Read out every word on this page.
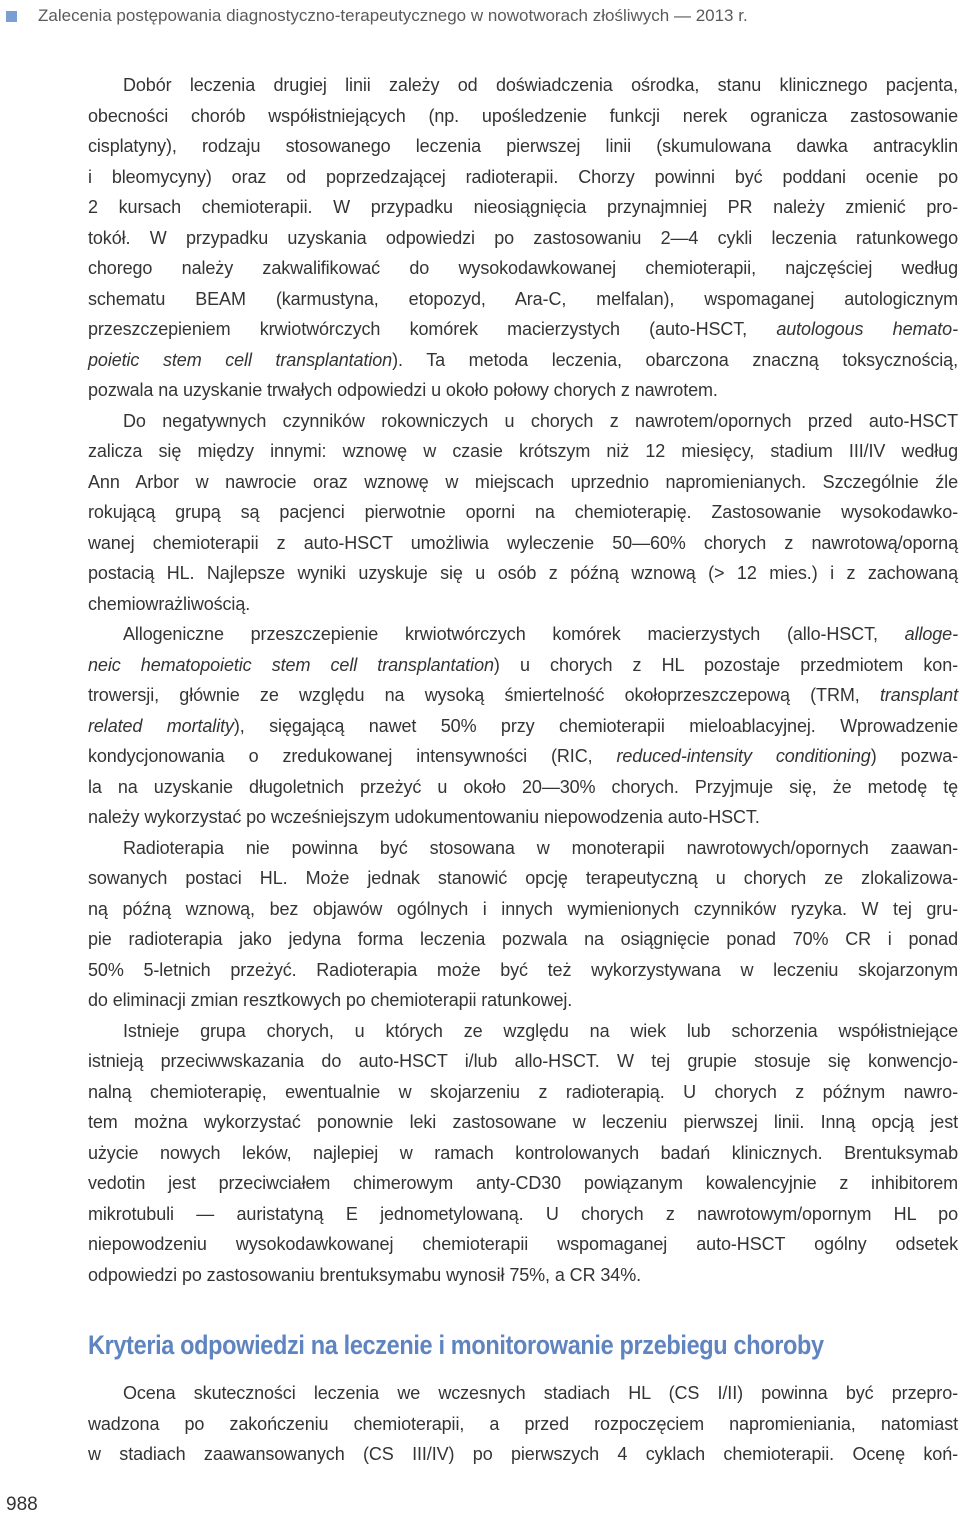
Zalecenia postępowania diagnostyczno-terapeutycznego w nowotworach złośliwych — 2013 r.
Dobór leczenia drugiej linii zależy od doświadczenia ośrodka, stanu klinicznego pacjenta,
obecności chorób współistniejących (np. upośledzenie funkcji nerek ogranicza zastosowanie
cisplatyny), rodzaju stosowanego leczenia pierwszej linii (skumulowana dawka antracyklin
i bleomycyny) oraz od poprzedzającej radioterapii. Chorzy powinni być poddani ocenie po
2 kursach chemioterapii. W przypadku nieosiągnięcia przynajmniej PR należy zmienić pro-
tokół. W przypadku uzyskania odpowiedzi po zastosowaniu 2—4 cykli leczenia ratunkowego
chorego należy zakwalifikować do wysokodawkowanej chemioterapii, najczęściej według
schematu BEAM (karmustyna, etopozyd, Ara-C, melfalan), wspomaganej autologicznym
przeszczepieniem krwiotwórczych komórek macierzystych (auto-HSCT, autologous hemato-
poietic stem cell transplantation). Ta metoda leczenia, obarczona znaczną toksycznością,
pozwala na uzyskanie trwałych odpowiedzi u około połowy chorych z nawrotem.
Do negatywnych czynników rokowniczych u chorych z nawrotem/opornych przed auto-HSCT
zalicza się między innymi: wznowę w czasie krótszym niż 12 miesięcy, stadium III/IV według
Ann Arbor w nawrocie oraz wznowę w miejscach uprzednio napromienianych. Szczególnie źle
rokującą grupą są pacjenci pierwotnie oporni na chemioterapię. Zastosowanie wysokodawko-
wanej chemioterapii z auto-HSCT umożliwia wyleczenie 50—60% chorych z nawrotową/oporną
postacią HL. Najlepsze wyniki uzyskuje się u osób z późną wznową (> 12 mies.) i z zachowaną
chemiowrażliwością.
Allogeniczne przeszczepienie krwiotwórczych komórek macierzystych (allo-HSCT, alloge-
neic hematopoietic stem cell transplantation) u chorych z HL pozostaje przedmiotem kon-
trowersji, głównie ze względu na wysoką śmiertelność okołoprzeszczepową (TRM, transplant
related mortality), sięgającą nawet 50% przy chemioterapii mieloablacyjnej. Wprowadzenie
kondycjonowania o zredukowanej intensywności (RIC, reduced-intensity conditioning) pozwa-
la na uzyskanie długoletnich przeżyć u około 20—30% chorych. Przyjmuje się, że metodę tę
należy wykorzystać po wcześniejszym udokumentowaniu niepowodzenia auto-HSCT.
Radioterapia nie powinna być stosowana w monoterapii nawrotowych/opornych zaawan-
sowanych postaci HL. Może jednak stanowić opcję terapeutyczną u chorych ze zlokalizowa-
ną późną wznową, bez objawów ogólnych i innych wymienionych czynników ryzyka. W tej gru-
pie radioterapia jako jedyna forma leczenia pozwala na osiągnięcie ponad 70% CR i ponad
50% 5-letnich przeżyć. Radioterapia może być też wykorzystywana w leczeniu skojarzonym
do eliminacji zmian resztkowych po chemioterapii ratunkowej.
Istnieje grupa chorych, u których ze względu na wiek lub schorzenia współistniejące
istnieją przeciwwskazania do auto-HSCT i/lub allo-HSCT. W tej grupie stosuje się konwencjo-
nalną chemioterapię, ewentualnie w skojarzeniu z radioterapią. U chorych z późnym nawro-
tem można wykorzystać ponownie leki zastosowane w leczeniu pierwszej linii. Inną opcją jest
użycie nowych leków, najlepiej w ramach kontrolowanych badań klinicznych. Brentuksymab
vedotin jest przeciwciałem chimerowym anty-CD30 powiązanym kowalencyjnie z inhibitorem
mikrotubuli — auristatyną E jednometylowaną. U chorych z nawrotowym/opornym HL po
niepowodzeniu wysokodawkowanej chemioterapii wspomaganej auto-HSCT ogólny odsetek
odpowiedzi po zastosowaniu brentuksymabu wynosił 75%, a CR 34%.
Kryteria odpowiedzi na leczenie i monitorowanie przebiegu choroby
Ocena skuteczności leczenia we wczesnych stadiach HL (CS I/II) powinna być przepro-
wadzona po zakończeniu chemioterapii, a przed rozpoczęciem napromieniania, natomiast
w stadiach zaawansowanych (CS III/IV) po pierwszych 4 cyklach chemioterapii. Ocenę koń-
988
